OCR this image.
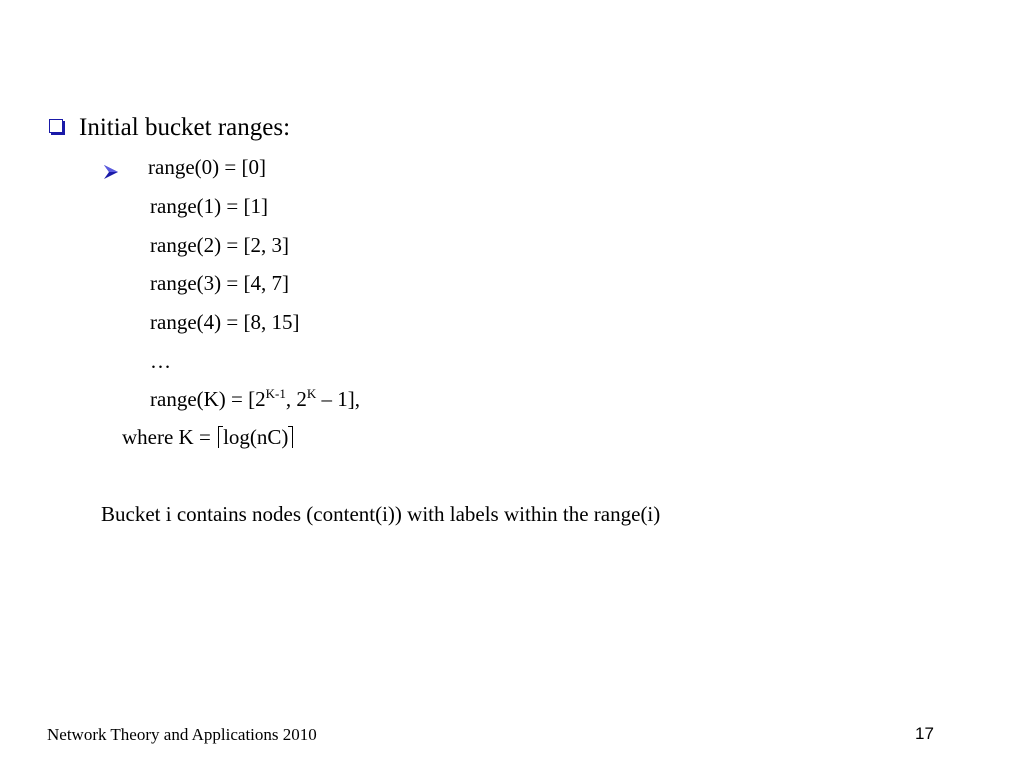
Initial bucket ranges:
range(0) = [0]
range(1) = [1]
range(2) = [2, 3]
range(3) = [4, 7]
range(4) = [8, 15]
…
range(K) = [$2^{K-1}$, $2^K - 1$],
where K = log(nC)
Bucket i contains nodes (content(i)) with labels within the range(i)
Network Theory and Applications 2010	17
